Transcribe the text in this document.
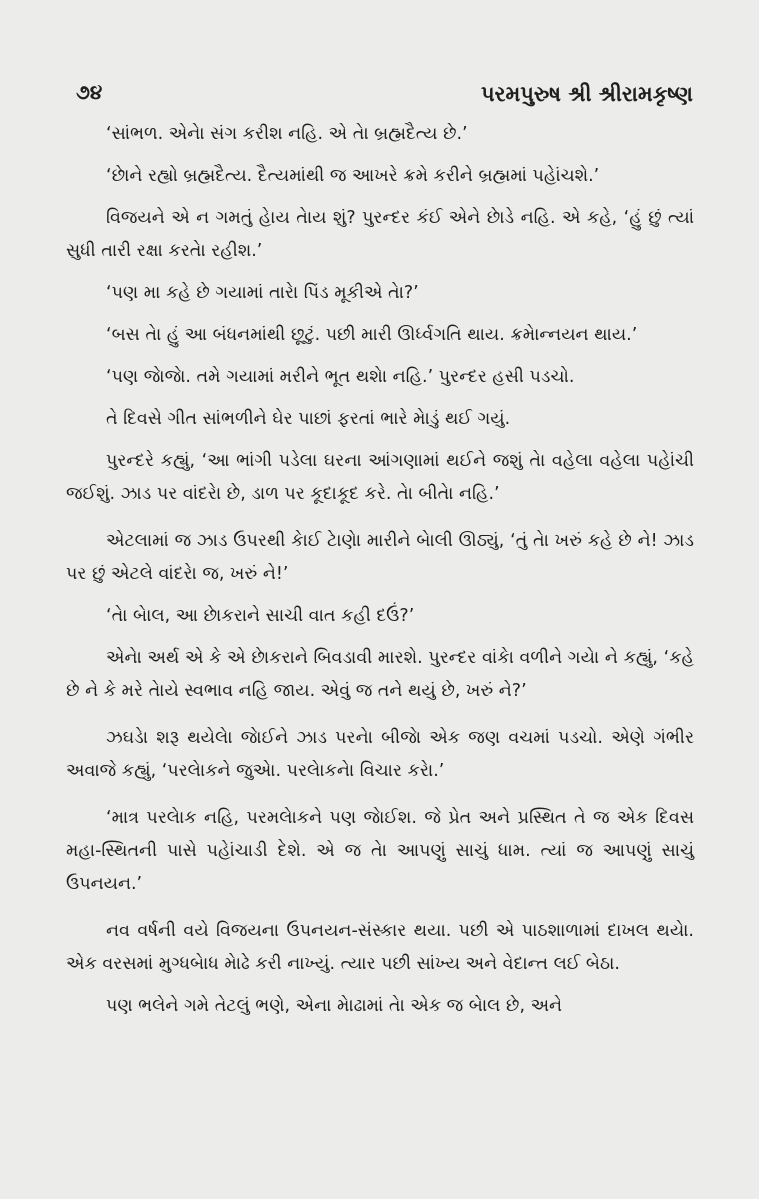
૭૪	પરમપુરુષ શ્રી શ્રીરામકૃષ્ણ

‘સાંભળ. એનેા સંગ કરીશ નહિ. એ તેા બ્રહ્મદૈત્ય છે.’

‘છેાને રહ્યો બ્રહ્મદૈત્ય. દૈત્યમાંથી જ આખરે ક્રમે કરીને બ્રહ્મમાં પહેાંચશે.’

વિજયને એ ન ગમતું હેાય તેાય શું? પુરન્દર કંઈ એને છેાડે નહિ. એ કહે, ‘હું છું ત્યાં સુધી તારી રક્ષા કરતેા રહીશ.’

‘પણ મા કહે છે ગયામાં તારેા પિંડ મૂકીએ તેા?’

‘બસ તેા હું આ બંધનમાંથી છૂટું. પછી મારી ઊર્ધ્વગતિ થાય. ક્રમેાન્નયન થાય.’

‘પણ જેાજેા. તમે ગયામાં મરીને ભૂત થશેા નહિ.’ પુરન્દર હસી પડચો.

તે દિવસે ગીત સાંભળીને ઘેર પાછાં ફરતાં ભારે મેાડું થઈ ગયું.

પુરન્દરે કહ્યું, ‘આ ભાંગી પડેલા ઘરના આંગણામાં થઈને જશું તેા વહેલા વહેલા પહેાંચી જઈશું. ઝાડ પર વાંદરેા છે, ડાળ પર કૂદાકૂદ કરે. તેા બીતેા નહિ.’

એટલામાં જ ઝાડ ઉપરથી કેાઈ ટેાણેા મારીને બેાલી ઊઠ્યું, ‘તું તેા ખરું કહે છે ને! ઝાડ પર છું એટલે વાંદરેા જ, ખરું ને!’

‘તેા બેાલ, આ છેાકરાને સાચી વાત કહી દઉં?’

એનેા અર્થ એ કે એ છેાકરાને બિવડાવી મારશે. પુરન્દર વાંકેા વળીને ગયેા ને કહ્યું, ‘કહે છે ને કે મરે તેાયે સ્વભાવ નહિ જાય. એવું જ તને થયું છે, ખરું ને?’

ઝઘડેા શરૂ થયેલેા જેાઈને ઝાડ પરનેા બીજેા એક જણ વચમાં પડચો. એણે ગંભીર અવાજે કહ્યું, ‘પરલેાકને જુએા. પરલેાકનેા વિચાર કરેા.’

‘માત્ર પરલેાક નહિ, પરમલેાકને પણ જેાઈશ. જે પ્રેત અને પ્રસ્થિત તે જ એક દિવસ મહા-સ્થિતની પાસે પહેાંચાડી દેશે. એ જ તેા આપણું સાચું ધામ. ત્યાં જ આપણું સાચું ઉપનયન.’

નવ વર્ષની વયે વિજયના ઉપનયન-સંસ્કાર થયા. પછી એ પાઠશાળામાં દાખલ થયેા. એક વરસમાં મુગ્ધબેાધ મેાઢે કરી નાખ્યું. ત્યાર પછી સાંખ્ય અને વેદાન્ત લઈ બેઠા.

પણ ભલેને ગમે તેટલું ભણે, એના મેાઢામાં તેા એક જ બેાલ છે, અને
